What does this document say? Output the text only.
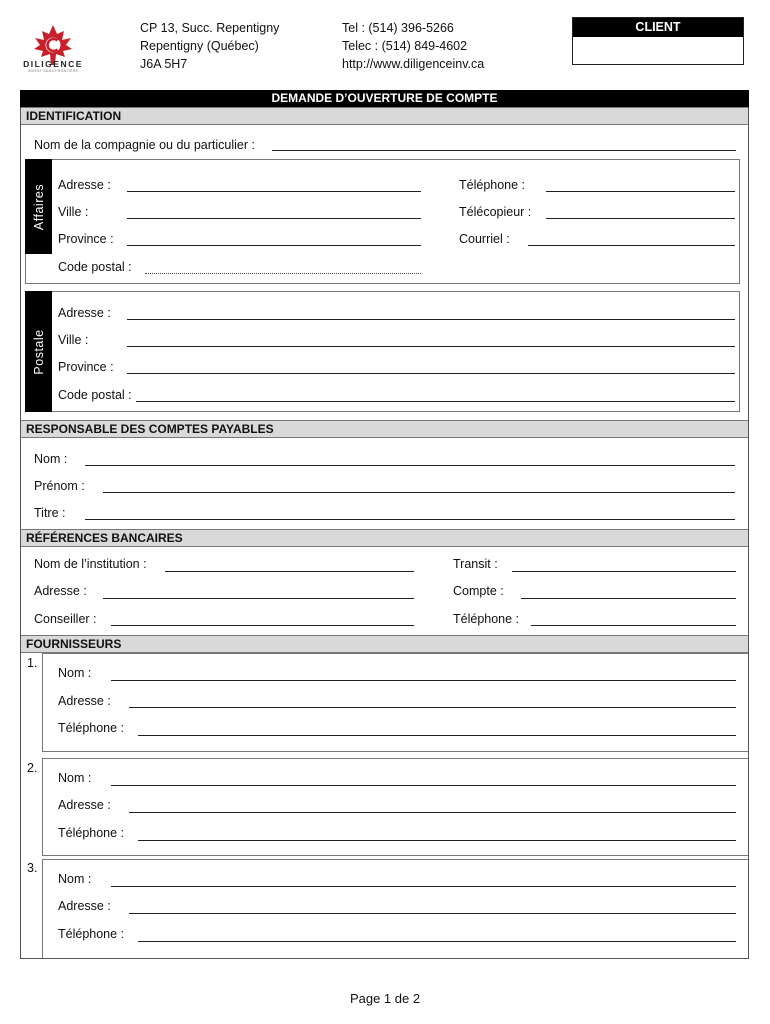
DILIGENCE
INVEST SANS FRONTIÈRE
CP 13, Succ. Repentigny
Repentigny (Québec)
J6A 5H7
Tel : (514) 396-5266
Telec : (514) 849-4602
http://www.diligenceinv.ca
CLIENT
DEMANDE D’OUVERTURE DE COMPTE
IDENTIFICATION
Nom de la compagnie ou du particulier :
Affaires Adresse :
Ville :
Province :
Code postal :
Téléphone :
Télécopieur :
Courriel :
Postale
Adresse :
Ville :
Province :
Code postal :
RESPONSABLE DES COMPTES PAYABLES
Nom :
Prénom :
Titre :
RÉFÉRENCES BANCAIRES
Nom de l’institution :
Adresse :
Conseiller :
Transit :
Compte :
Téléphone :
FOURNISSEURS
1.
Nom :
Adresse :
Téléphone :
2.
Nom :
Adresse :
Téléphone :
3.
Nom :
Adresse :
Téléphone :
Page 1 de 2
